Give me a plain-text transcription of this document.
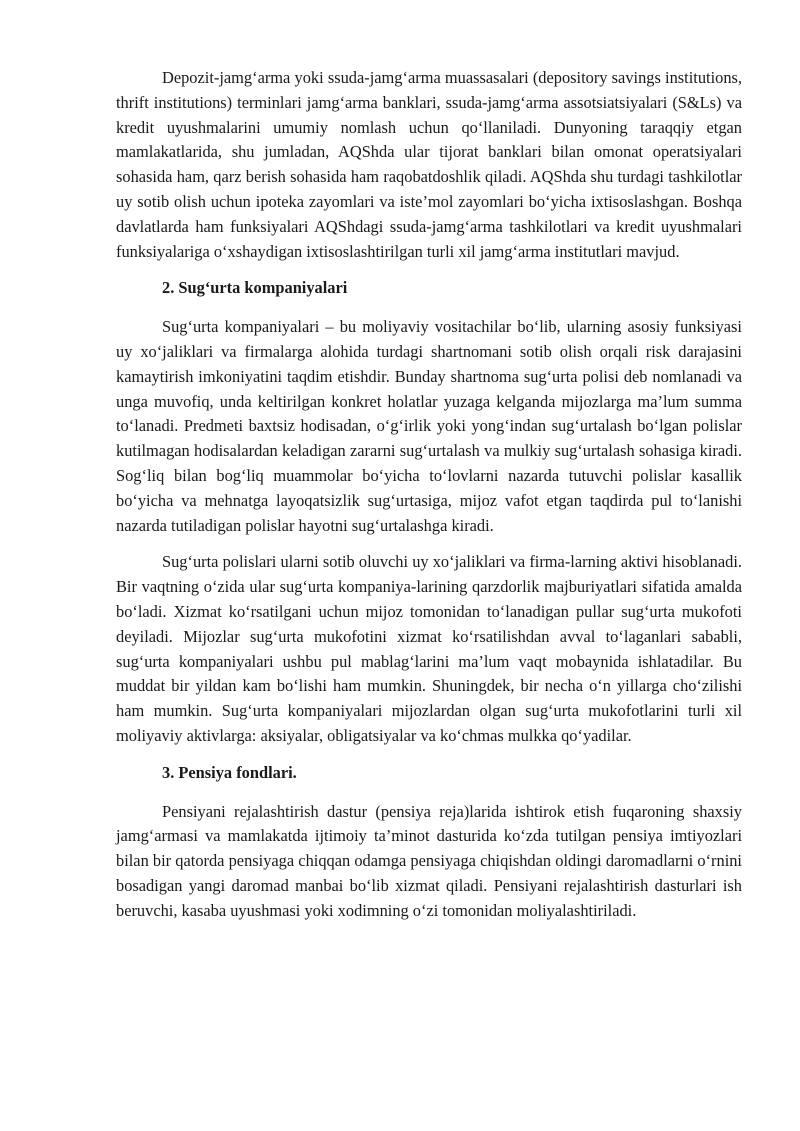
Depozit-jamg‘arma yoki ssuda-jamg‘arma muassasalari (depository savings institutions, thrift institutions) terminlari jamg‘arma banklari, ssuda-jamg‘arma assotsiatsiyalari (S&Ls) va kredit uyushmalarini umumiy nomlash uchun qo‘llaniladi. Dunyoning taraqqiy etgan mamlakatlarida, shu jumladan, AQShda ular tijorat banklari bilan omonat operatsiyalari sohasida ham, qarz berish sohasida ham raqobatdoshlik qiladi. AQShda shu turdagi tashkilotlar uy sotib olish uchun ipoteka zayomlari va iste’mol zayomlari bo‘yicha ixtisoslashgan. Boshqa davlatlarda ham funksiyalari AQShdagi ssuda-jamg‘arma tashkilotlari va kredit uyushmalari funksiyalariga o‘xshaydigan ixtisoslashtirilgan turli xil jamg‘arma institutlari mavjud.

2. Sug‘urta kompaniyalari

Sug‘urta kompaniyalari – bu moliyaviy vositachilar bo‘lib, ularning asosiy funksiyasi uy xo‘jaliklari va firmalarga alohida turdagi shartnomani sotib olish orqali risk darajasini kamaytirish imkoniyatini taqdim etishdir. Bunday shartnoma sug‘urta polisi deb nomlanadi va unga muvofiq, unda keltirilgan konkret holatlar yuzaga kelganda mijozlarga ma’lum summa to‘lanadi. Predmeti baxtsiz hodisadan, o‘g‘irlik yoki yong‘indan sug‘urtalash bo‘lgan polislar kutilmagan hodisalardan keladigan zararni sug‘urtalash va mulkiy sug‘urtalash sohasiga kiradi. Sog‘liq bilan bog‘liq muammolar bo‘yicha to‘lovlarni nazarda tutuvchi polislar kasallik bo‘yicha va mehnatga layoqatsizlik sug‘urtasiga, mijoz vafot etgan taqdirda pul to‘lanishi nazarda tutiladigan polislar hayotni sug‘urtalashga kiradi.

Sug‘urta polislari ularni sotib oluvchi uy xo‘jaliklari va firma-larning aktivi hisoblanadi. Bir vaqtning o‘zida ular sug‘urta kompaniya-larining qarzdorlik majburiyatlari sifatida amalda bo‘ladi. Xizmat ko‘rsatilgani uchun mijoz tomonidan to‘lanadigan pullar sug‘urta mukofoti deyiladi. Mijozlar sug‘urta mukofotini xizmat ko‘rsatilishdan avval to‘laganlari sababli, sug‘urta kompaniyalari ushbu pul mablag‘larini ma’lum vaqt mobaynida ishlatadilar. Bu muddat bir yildan kam bo‘lishi ham mumkin. Shuningdek, bir necha o‘n yillarga cho‘zilishi ham mumkin. Sug‘urta kompaniyalari mijozlardan olgan sug‘urta mukofotlarini turli xil moliyaviy aktivlarga: aksiyalar, obligatsiyalar va ko‘chmas mulkka qo‘yadilar.

3. Pensiya fondlari.

Pensiyani rejalashtirish dastur (pensiya reja)larida ishtirok etish fuqaroning shaxsiy jamg‘armasi va mamlakatda ijtimoiy ta’minot dasturida ko‘zda tutilgan pensiya imtiyozlari bilan bir qatorda pensiyaga chiqqan odamga pensiyaga chiqishdan oldingi daromadlarni o‘rnini bosadigan yangi daromad manbai bo‘lib xizmat qiladi. Pensiyani rejalashtirish dasturlari ish beruvchi, kasaba uyushmasi yoki xodimning o‘zi tomonidan moliyalashtiriladi.
